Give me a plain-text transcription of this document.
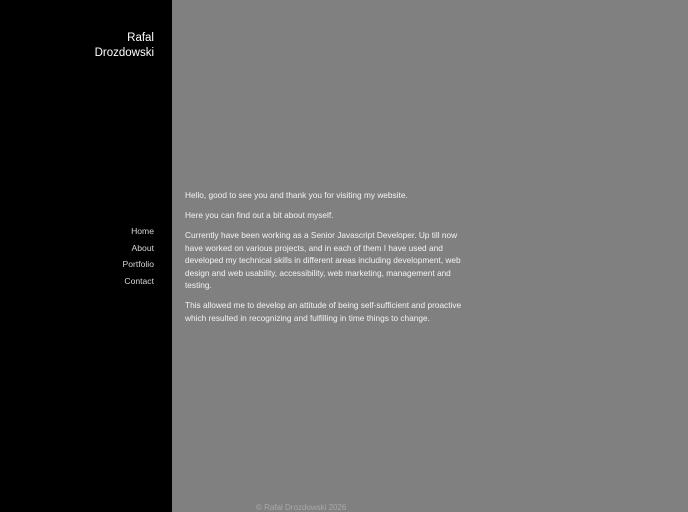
Rafal
Drozdowski
Home
About
Portfolio
Contact

Hello, good to see you and thank you for visiting my website.

Here you can find out a bit about myself.

Currently have been working as a Senior Javascript Developer. Up till now have worked on various projects, and in each of them I have used and developed my technical skills in different areas including development, web design and web usability, accessibility, web marketing, management and testing.

This allowed me to develop an attitude of being self-sufficient and proactive which resulted in recognizing and fulfilling in time things to change.

© Rafal Drozdowski 2026
